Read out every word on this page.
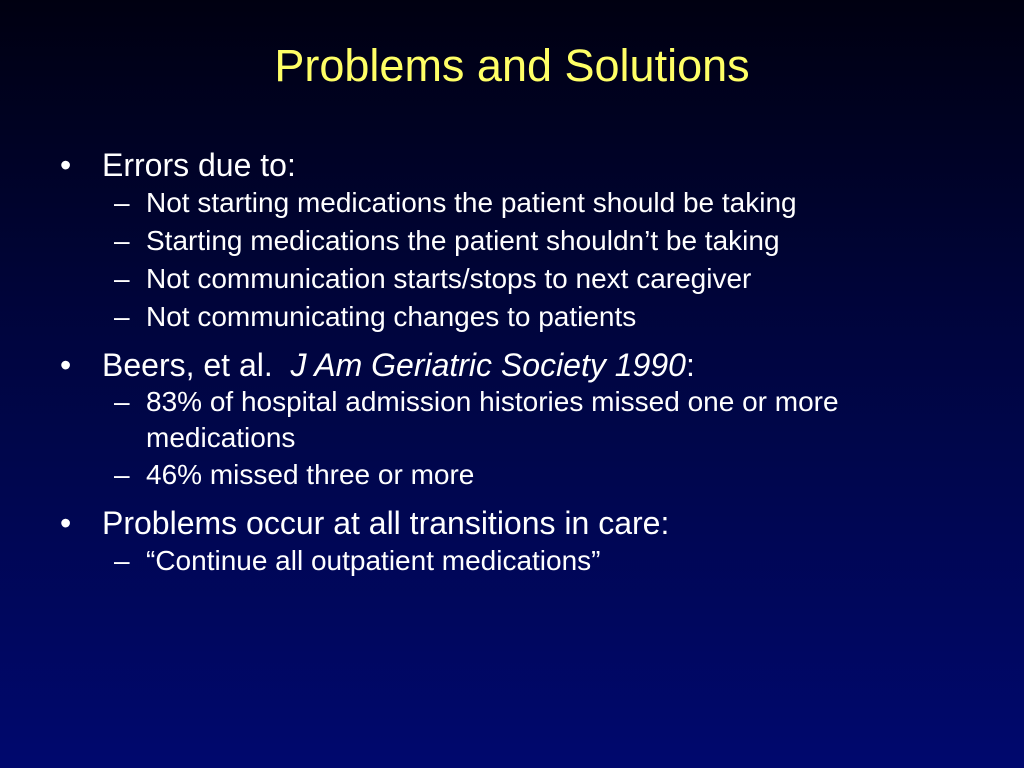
Problems and Solutions
• Errors due to:
– Not starting medications the patient should be taking
– Starting medications the patient shouldn’t be taking
– Not communication starts/stops to next caregiver
– Not communicating changes to patients
• Beers, et al.  J Am Geriatric Society 1990:
– 83% of hospital admission histories missed one or more medications
– 46% missed three or more
• Problems occur at all transitions in care:
– “Continue all outpatient medications”
